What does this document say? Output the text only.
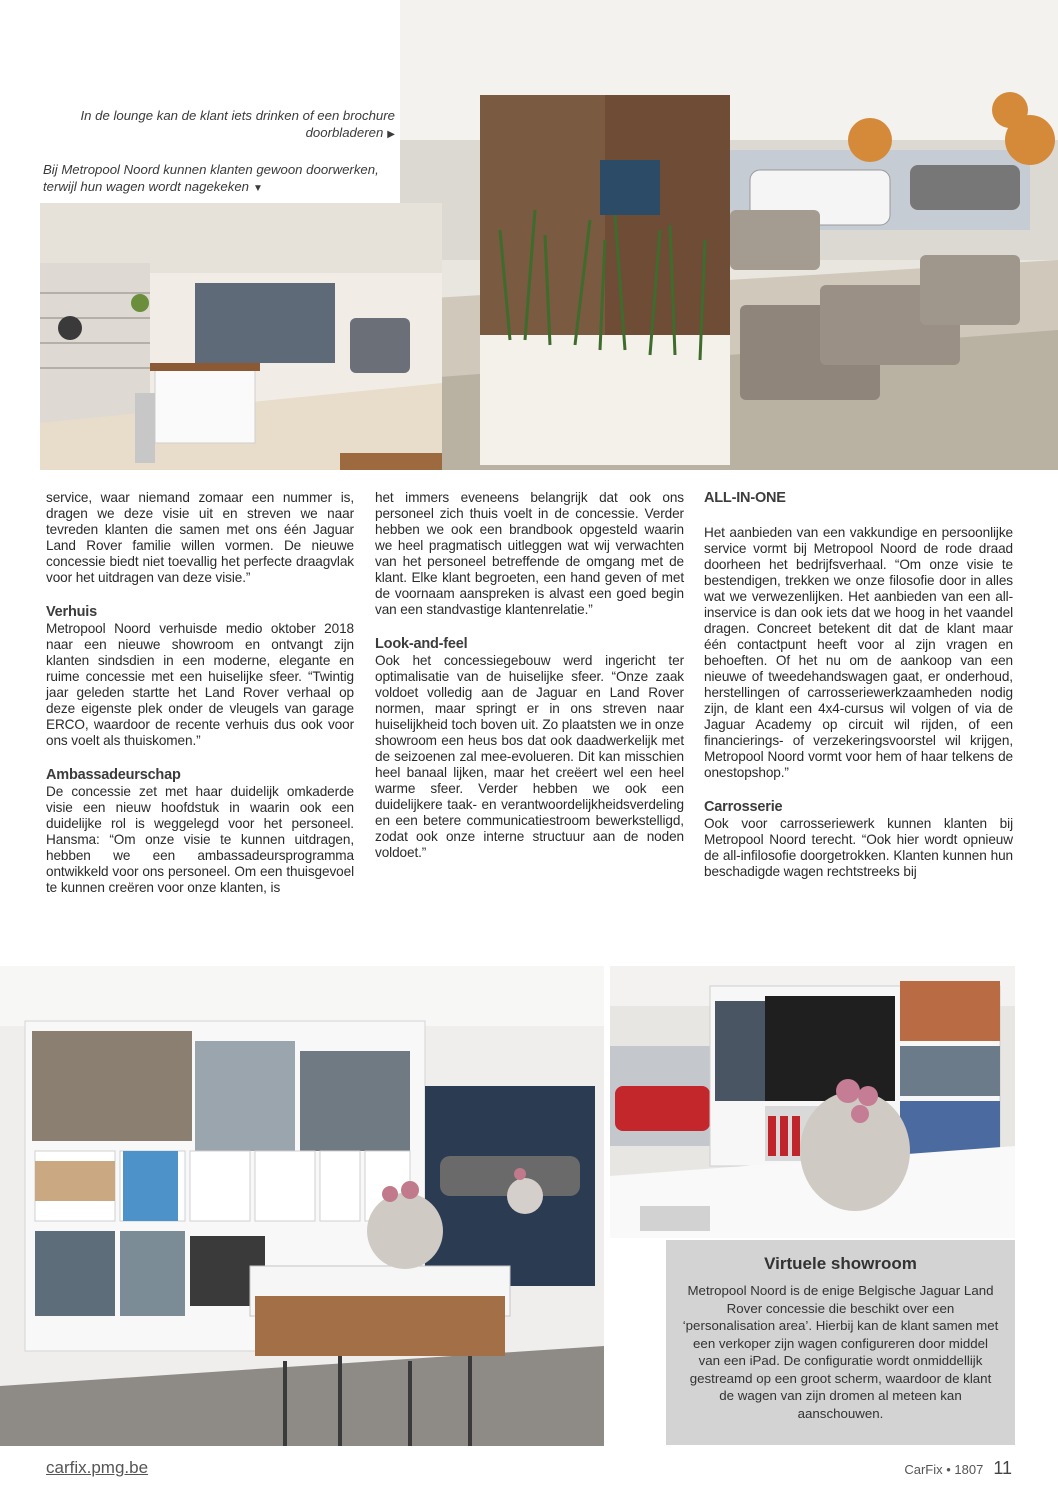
In de lounge kan de klant iets drinken of een brochure doorbladeren ▶
Bij Metropool Noord kunnen klanten gewoon doorwerken, terwijl hun wagen wordt nagekeken ▼

service, waar niemand zomaar een nummer is, dragen we deze visie uit en streven we naar tevreden klanten die samen met ons één Jaguar Land Rover familie willen vormen. De nieuwe concessie biedt niet toevallig het perfecte draagvlak voor het uitdragen van deze visie.”

Verhuis

Metropool Noord verhuisde medio oktober 2018 naar een nieuwe showroom en ontvangt zijn klanten sindsdien in een moderne, elegante en ruime concessie met een huiselijke sfeer. “Twintig jaar geleden startte het Land Rover verhaal op deze eigenste plek onder de vleugels van garage ERCO, waardoor de recente verhuis dus ook voor ons voelt als thuiskomen.”

Ambassadeurschap

De concessie zet met haar duidelijk omkaderde visie een nieuw hoofdstuk in waarin ook een duidelijke rol is weggelegd voor het personeel. Hansma: “Om onze visie te kunnen uitdragen, hebben we een ambassadeursprogramma ontwikkeld voor ons personeel. Om een thuisgevoel te kunnen creëren voor onze klanten, is

het immers eveneens belangrijk dat ook ons personeel zich thuis voelt in de concessie. Verder hebben we ook een brandbook opgesteld waarin we heel pragmatisch uitleggen wat wij verwachten van het personeel betreffende de omgang met de klant. Elke klant begroeten, een hand geven of met de voornaam aanspreken is alvast een goed begin van een standvastige klantenrelatie.”

Look-and-feel

Ook het concessiegebouw werd ingericht ter optimalisatie van de huiselijke sfeer. “Onze zaak voldoet volledig aan de Jaguar en Land Rover normen, maar springt er in ons streven naar huiselijkheid toch boven uit. Zo plaatsten we in onze showroom een heus bos dat ook daadwerkelijk met de seizoenen zal mee-evolueren. Dit kan misschien heel banaal lijken, maar het creëert wel een heel warme sfeer. Verder hebben we ook een duidelijkere taak- en verantwoordelijkheidsverdeling en een betere communicatiestroom bewerkstelligd, zodat ook onze interne structuur aan de noden voldoet.”

ALL-IN-ONE

Het aanbieden van een vakkundige en persoonlijke service vormt bij Metropool Noord de rode draad doorheen het bedrijfsverhaal. “Om onze visie te bestendigen, trekken we onze filosofie door in alles wat we verwezenlijken. Het aanbieden van een all-inservice is dan ook iets dat we hoog in het vaandel dragen. Concreet betekent dit dat de klant maar één contactpunt heeft voor al zijn vragen en behoeften. Of het nu om de aankoop van een nieuwe of tweedehandswagen gaat, er onderhoud, herstellingen of carrosseriewerkzaamheden nodig zijn, de klant een 4x4-cursus wil volgen of via de Jaguar Academy op circuit wil rijden, of een financierings- of verzekeringsvoorstel wil krijgen, Metropool Noord vormt voor hem of haar telkens de onestopshop.”

Carrosserie

Ook voor carrosseriewerk kunnen klanten bij Metropool Noord terecht. “Ook hier wordt opnieuw de all-infilosofie doorgetrokken. Klanten kunnen hun beschadigde wagen rechtstreeks bij

Virtuele showroom

Metropool Noord is de enige Belgische Jaguar Land Rover concessie die beschikt over een ‘personalisation area’. Hierbij kan de klant samen met een verkoper zijn wagen configureren door middel van een iPad. De configuratie wordt onmiddellijk gestreamd op een groot scherm, waardoor de klant de wagen van zijn dromen al meteen kan aanschouwen.

carfix.pmg.be	CarFix • 1807 11
